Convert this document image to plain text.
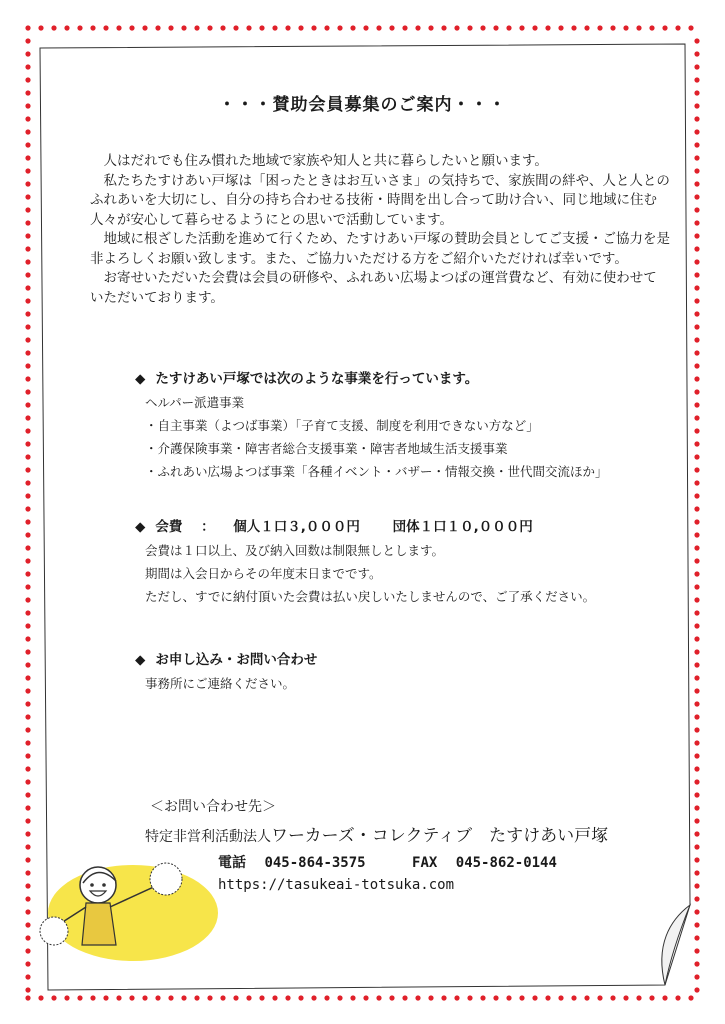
・・・賛助会員募集のご案内・・・

人はだれでも住み慣れた地域で家族や知人と共に暮らしたいと願います。

私たちたすけあい戸塚は「困ったときはお互いさま」の気持ちで、家族間の絆や、人と人とのふれあいを大切にし、自分の持ち合わせる技術・時間を出し合って助け合い、同じ地域に住む人々が安心して暮らせるようにとの思いで活動しています。

地域に根ざした活動を進めて行くため、たすけあい戸塚の賛助会員としてご支援・ご協力を是非よろしくお願い致します。また、ご協力いただける方をご紹介いただければ幸いです。

お寄せいただいた会費は会員の研修や、ふれあい広場よつばの運営費など、有効に使わせていただいております。

◆ たすけあい戸塚では次のような事業を行っています。
ヘルパー派遣事業
・自主事業（よつば事業）「子育て支援、制度を利用できない方など」
・介護保険事業・障害者総合支援事業・障害者地域生活支援事業
・ふれあい広場よつば事業「各種イベント・バザー・情報交換・世代間交流ほか」
◆ 会費 ： 個人１口３,０００円 団体１口１０,０００円
会費は１口以上、及び納入回数は制限無しとします。
期間は入会日からその年度末日までです。
ただし、すでに納付頂いた会費は払い戻しいたしませんので、ご了承ください。
◆ お申し込み・お問い合わせ
事務所にご連絡ください。
＜お問い合わせ先＞
特定非営利活動法人ワーカーズ・コレクティブ　たすけあい戸塚
電話 045-864-3575	FAX 045-862-0144
https://tasukeai-totsuka.com
